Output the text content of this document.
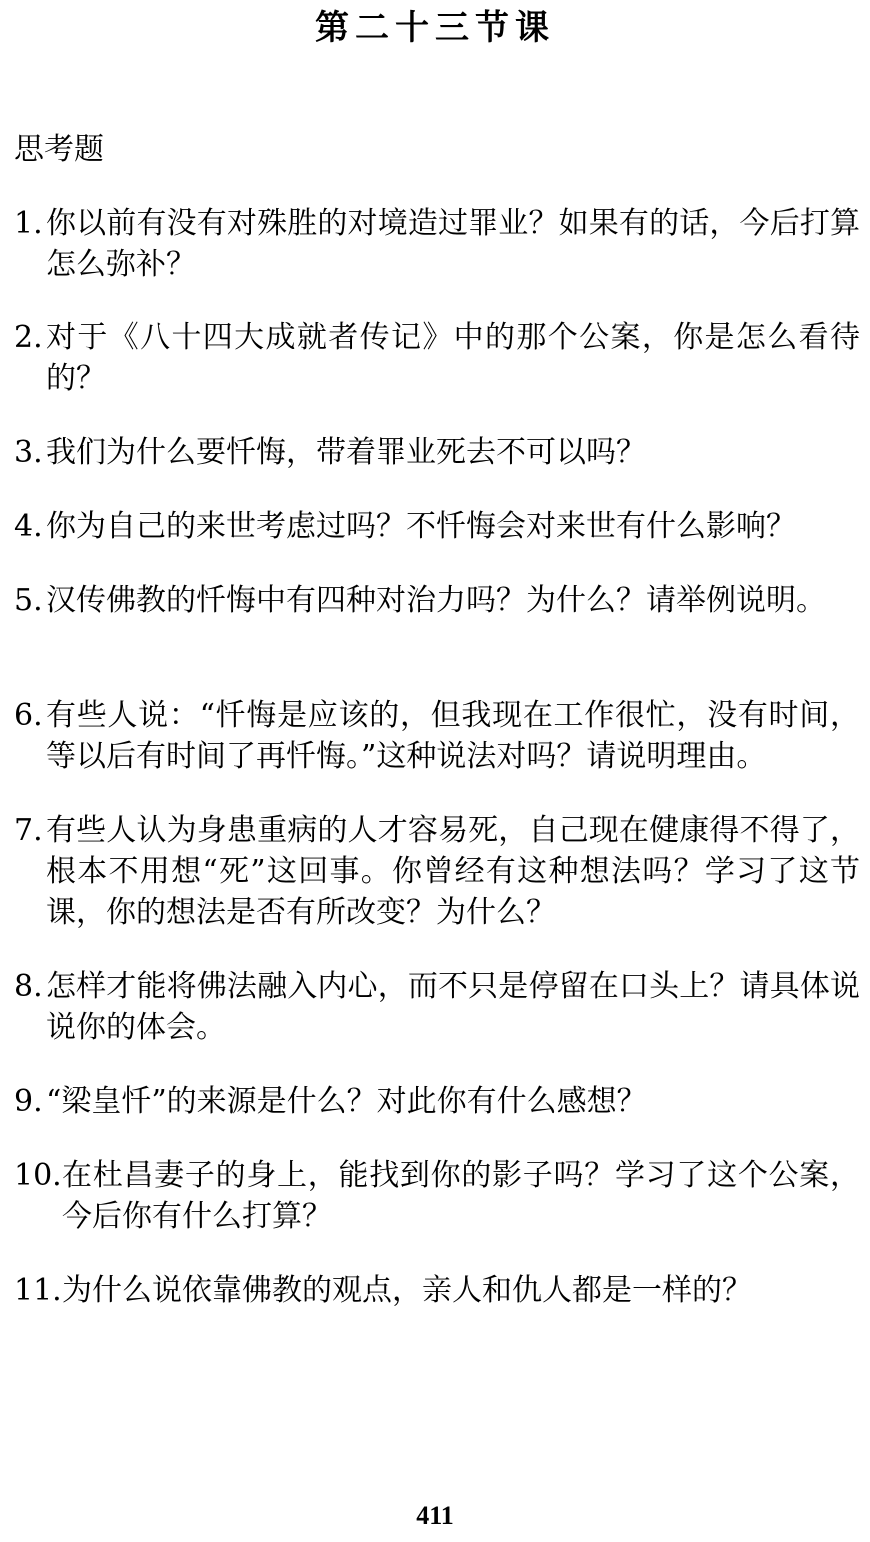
第二十三节课
思考题
1. 你以前有没有对殊胜的对境造过罪业？如果有的话，今后打算怎么弥补？
2. 对于《八十四大成就者传记》中的那个公案，你是怎么看待的？
3. 我们为什么要忏悔，带着罪业死去不可以吗？
4. 你为自己的来世考虑过吗？不忏悔会对来世有什么影响？
5. 汉传佛教的忏悔中有四种对治力吗？为什么？请举例说明。
6. 有些人说：“忏悔是应该的，但我现在工作很忙，没有时间，等以后有时间了再忏悔。”这种说法对吗？请说明理由。
7. 有些人认为身患重病的人才容易死，自己现在健康得不得了，根本不用想“死”这回事。你曾经有这种想法吗？学习了这节课，你的想法是否有所改变？为什么？
8. 怎样才能将佛法融入内心，而不只是停留在口头上？请具体说说你的体会。
9. “梁皇忏”的来源是什么？对此你有什么感想？
10. 在杜昌妻子的身上，能找到你的影子吗？学习了这个公案，今后你有什么打算？
11. 为什么说依靠佛教的观点，亲人和仇人都是一样的？
411
